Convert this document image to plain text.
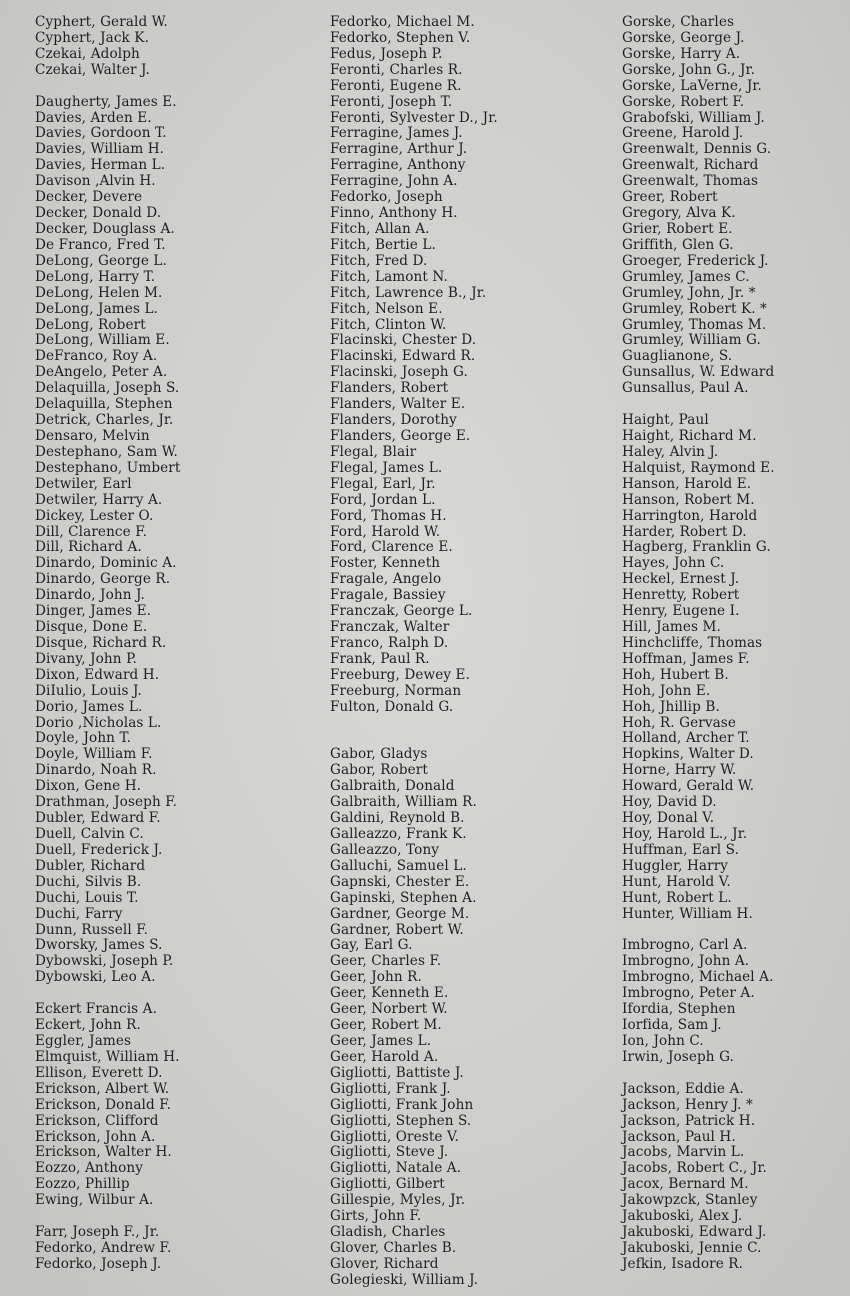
Cyphert, Gerald W.
Cyphert, Jack K.
Czekai, Adolph
Czekai, Walter J.
Daugherty, James E.
Davies, Arden E.
Davies, Gordoon T.
Davies, William H.
Davies, Herman L.
Davison ,Alvin H.
Decker, Devere
Decker, Donald D.
Decker, Douglass A.
De Franco, Fred T.
DeLong, George L.
DeLong, Harry T.
DeLong, Helen M.
DeLong, James L.
DeLong, Robert
DeLong, William E.
DeFranco, Roy A.
DeAngelo, Peter A.
Delaquilla, Joseph S.
Delaquilla, Stephen
Detrick, Charles, Jr.
Densaro, Melvin
Destephano, Sam W.
Destephano, Umbert
Detwiler, Earl
Detwiler, Harry A.
Dickey, Lester O.
Dill, Clarence F.
Dill, Richard A.
Dinardo, Dominic A.
Dinardo, George R.
Dinardo, John J.
Dinger, James E.
Disque, Done E.
Disque, Richard R.
Divany, John P.
Dixon, Edward H.
DiIulio, Louis J.
Dorio, James L.
Dorio ,Nicholas L.
Doyle, John T.
Doyle, William F.
Dinardo, Noah R.
Dixon, Gene H.
Drathman, Joseph F.
Dubler, Edward F.
Duell, Calvin C.
Duell, Frederick J.
Dubler, Richard
Duchi, Silvis B.
Duchi, Louis T.
Duchi, Farry
Dunn, Russell F.
Dworsky, James S.
Dybowski, Joseph P.
Dybowski, Leo A.
Eckert Francis A.
Eckert, John R.
Eggler, James
Elmquist, William H.
Ellison, Everett D.
Erickson, Albert W.
Erickson, Donald F.
Erickson, Clifford
Erickson, John A.
Erickson, Walter H.
Eozzo, Anthony
Eozzo, Phillip
Ewing, Wilbur A.
Farr, Joseph F., Jr.
Fedorko, Andrew F.
Fedorko, Joseph J.
Fedorko, Michael M.
Fedorko, Stephen V.
Fedus, Joseph P.
Feronti, Charles R.
Feronti, Eugene R.
Feronti, Joseph T.
Feronti, Sylvester D., Jr.
Ferragine, James J.
Ferragine, Arthur J.
Ferragine, Anthony
Ferragine, John A.
Fedorko, Joseph
Finno, Anthony H.
Fitch, Allan A.
Fitch, Bertie L.
Fitch, Fred D.
Fitch, Lamont N.
Fitch, Lawrence B., Jr.
Fitch, Nelson E.
Fitch, Clinton W.
Flacinski, Chester D.
Flacinski, Edward R.
Flacinski, Joseph G.
Flanders, Robert
Flanders, Walter E.
Flanders, Dorothy
Flanders, George E.
Flegal, Blair
Flegal, James L.
Flegal, Earl, Jr.
Ford, Jordan L.
Ford, Thomas H.
Ford, Harold W.
Ford, Clarence E.
Foster, Kenneth
Fragale, Angelo
Fragale, Bassiey
Franczak, George L.
Franczak, Walter
Franco, Ralph D.
Frank, Paul R.
Freeburg, Dewey E.
Freeburg, Norman
Fulton, Donald G.
Gabor, Gladys
Gabor, Robert
Galbraith, Donald
Galbraith, William R.
Galdini, Reynold B.
Galleazzo, Frank K.
Galleazzo, Tony
Galluchi, Samuel L.
Gapnski, Chester E.
Gapinski, Stephen A.
Gardner, George M.
Gardner, Robert W.
Gay, Earl G.
Geer, Charles F.
Geer, John R.
Geer, Kenneth E.
Geer, Norbert W.
Geer, Robert M.
Geer, James L.
Geer, Harold A.
Gigliotti, Battiste J.
Gigliotti, Frank J.
Gigliotti, Frank John
Gigliotti, Stephen S.
Gigliotti, Oreste V.
Gigliotti, Steve J.
Gigliotti, Natale A.
Gigliotti, Gilbert
Gillespie, Myles, Jr.
Girts, John F.
Gladish, Charles
Glover, Charles B.
Glover, Richard
Golegieski, William J.
Gorske, Charles
Gorske, George J.
Gorske, Harry A.
Gorske, John G., Jr.
Gorske, LaVerne, Jr.
Gorske, Robert F.
Grabofski, William J.
Greene, Harold J.
Greenwalt, Dennis G.
Greenwalt, Richard
Greenwalt, Thomas
Greer, Robert
Gregory, Alva K.
Grier, Robert E.
Griffith, Glen G.
Groeger, Frederick J.
Grumley, James C.
Grumley, John, Jr. *
Grumley, Robert K. *
Grumley, Thomas M.
Grumley, William G.
Guaglianone, S.
Gunsallus, W. Edward
Gunsallus, Paul A.
Haight, Paul
Haight, Richard M.
Haley, Alvin J.
Halquist, Raymond E.
Hanson, Harold E.
Hanson, Robert M.
Harrington, Harold
Harder, Robert D.
Hagberg, Franklin G.
Hayes, John C.
Heckel, Ernest J.
Henretty, Robert
Henry, Eugene I.
Hill, James M.
Hinchcliffe, Thomas
Hoffman, James F.
Hoh, Hubert B.
Hoh, John E.
Hoh, Jhillip B.
Hoh, R. Gervase
Holland, Archer T.
Hopkins, Walter D.
Horne, Harry W.
Howard, Gerald W.
Hoy, David D.
Hoy, Donal V.
Hoy, Harold L., Jr.
Huffman, Earl S.
Huggler, Harry
Hunt, Harold V.
Hunt, Robert L.
Hunter, William H.
Imbrogno, Carl A.
Imbrogno, John A.
Imbrogno, Michael A.
Imbrogno, Peter A.
Ifordia, Stephen
Iorfida, Sam J.
Ion, John C.
Irwin, Joseph G.
Jackson, Eddie A.
Jackson, Henry J. *
Jackson, Patrick H.
Jackson, Paul H.
Jacobs, Marvin L.
Jacobs, Robert C., Jr.
Jacox, Bernard M.
Jakowpzck, Stanley
Jakuboski, Alex J.
Jakuboski, Edward J.
Jakuboski, Jennie C.
Jefkin, Isadore R.
